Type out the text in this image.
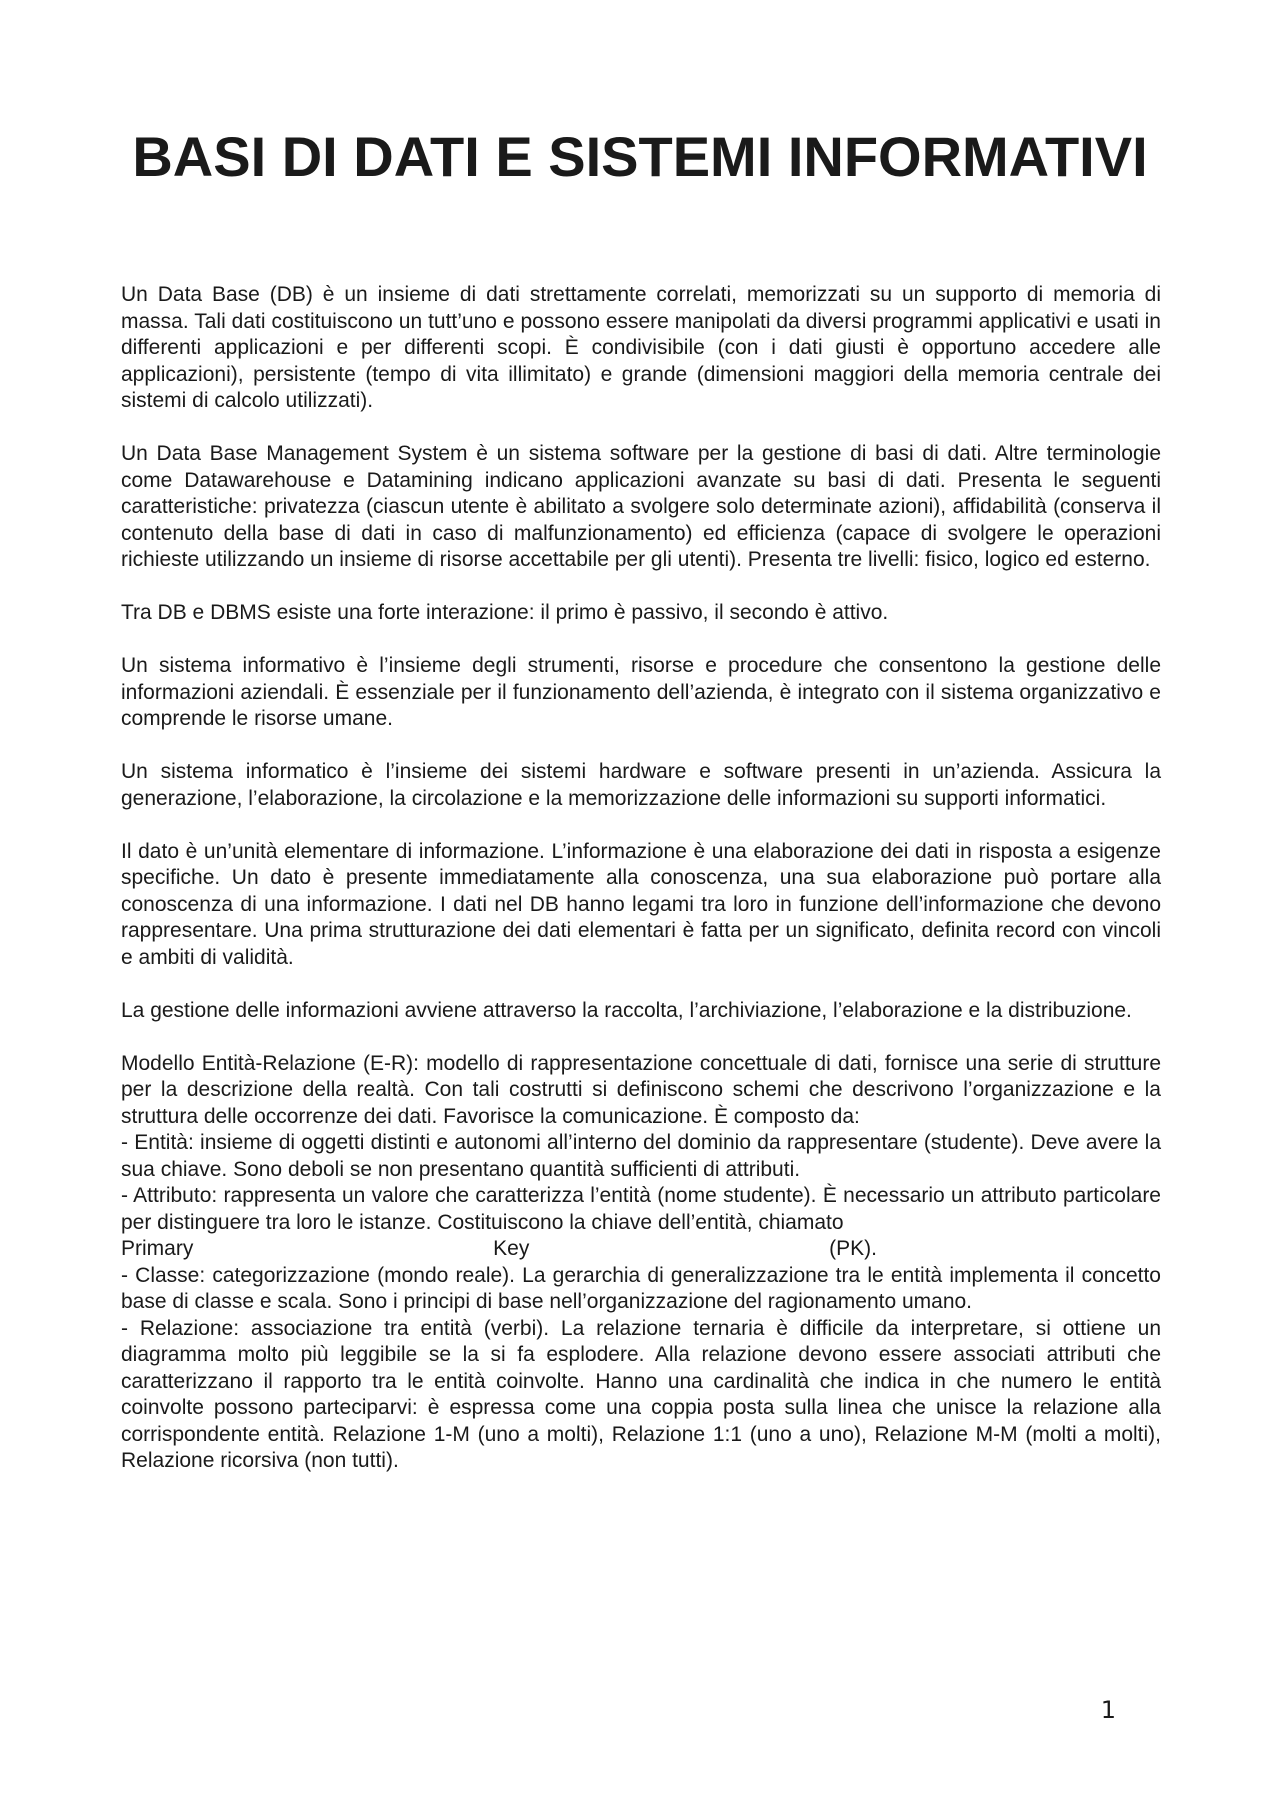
BASI DI DATI E SISTEMI INFORMATIVI

Un Data Base (DB) è un insieme di dati strettamente correlati, memorizzati su un supporto di memoria di massa. Tali dati costituiscono un tutt’uno e possono essere manipolati da diversi programmi applicativi e usati in differenti applicazioni e per differenti scopi. È condivisibile (con i dati giusti è opportuno accedere alle applicazioni), persistente (tempo di vita illimitato) e grande (dimensioni maggiori della memoria centrale dei sistemi di calcolo utilizzati).

Un Data Base Management System è un sistema software per la gestione di basi di dati. Altre terminologie come Datawarehouse e Datamining indicano applicazioni avanzate su basi di dati. Presenta le seguenti caratteristiche: privatezza (ciascun utente è abilitato a svolgere solo determinate azioni), affidabilità (conserva il contenuto della base di dati in caso di malfunzionamento) ed efficienza (capace di svolgere le operazioni richieste utilizzando un insieme di risorse accettabile per gli utenti). Presenta tre livelli: fisico, logico ed esterno.

Tra DB e DBMS esiste una forte interazione: il primo è passivo, il secondo è attivo.

Un sistema informativo è l’insieme degli strumenti, risorse e procedure che consentono la gestione delle informazioni aziendali. È essenziale per il funzionamento dell’azienda, è integrato con il sistema organizzativo e comprende le risorse umane.

Un sistema informatico è l’insieme dei sistemi hardware e software presenti in un’azienda. Assicura la generazione, l’elaborazione, la circolazione e la memorizzazione delle informazioni su supporti informatici.

Il dato è un’unità elementare di informazione. L’informazione è una elaborazione dei dati in risposta a esigenze specifiche. Un dato è presente immediatamente alla conoscenza, una sua elaborazione può portare alla conoscenza di una informazione. I dati nel DB hanno legami tra loro in funzione dell’informazione che devono rappresentare. Una prima strutturazione dei dati elementari è fatta per un significato, definita record con vincoli e ambiti di validità.

La gestione delle informazioni avviene attraverso la raccolta, l’archiviazione, l’elaborazione e la distribuzione.

Modello Entità-Relazione (E-R): modello di rappresentazione concettuale di dati, fornisce una serie di strutture per la descrizione della realtà. Con tali costrutti si definiscono schemi che descrivono l’organizzazione e la struttura delle occorrenze dei dati. Favorisce la comunicazione. È composto da:

- Entità: insieme di oggetti distinti e autonomi all’interno del dominio da rappresentare (studente). Deve avere la sua chiave. Sono deboli se non presentano quantità sufficienti di attributi.

- Attributo: rappresenta un valore che caratterizza l’entità (nome studente). È necessario un attributo particolare per distinguere tra loro le istanze. Costituiscono la chiave dell’entità, chiamato

Primary	Key	(PK).

- Classe: categorizzazione (mondo reale). La gerarchia di generalizzazione tra le entità implementa il concetto base di classe e scala. Sono i principi di base nell’organizzazione del ragionamento umano.

- Relazione: associazione tra entità (verbi). La relazione ternaria è difficile da interpretare, si ottiene un diagramma molto più leggibile se la si fa esplodere. Alla relazione devono essere associati attributi che caratterizzano il rapporto tra le entità coinvolte. Hanno una cardinalità che indica in che numero le entità coinvolte possono parteciparvi: è espressa come una coppia posta sulla linea che unisce la relazione alla corrispondente entità. Relazione 1-M (uno a molti), Relazione 1:1 (uno a uno), Relazione M-M (molti a molti), Relazione ricorsiva (non tutti).

1
